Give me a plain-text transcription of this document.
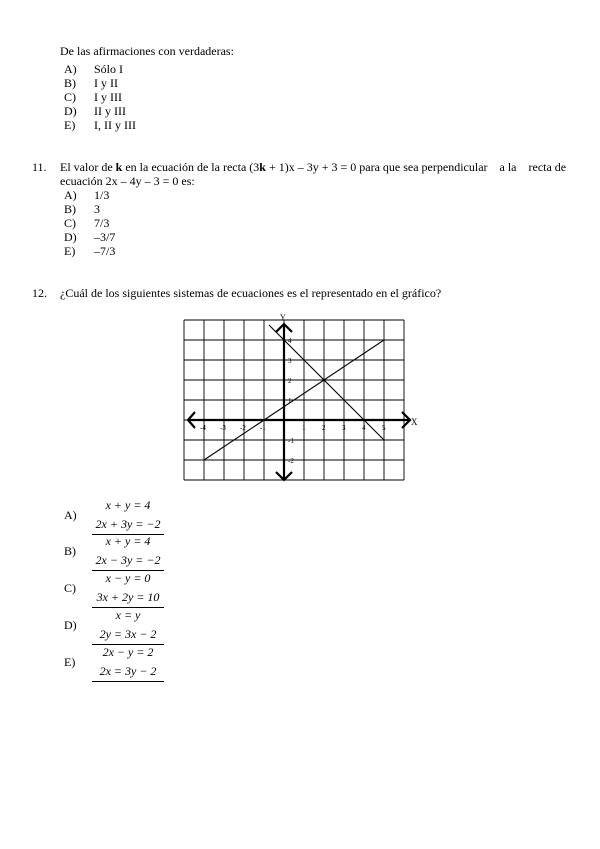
De las afirmaciones con verdaderas:
A) Sólo I
B) I y II
C) I y III
D) II y III
E) I, II y III
11. El valor de k en la ecuación de la recta (3k + 1)x – 3y + 3 = 0 para que sea perpendicular    a la    recta de
ecuación 2x – 4y – 3 = 0 es:
A) 1/3
B) 3
C) 7/3
D) –3/7
E) –7/3
12. ¿Cuál de los siguientes sistemas de ecuaciones es el representado en el gráfico?
X
Y
-4 -3 -2 -1	1 2 3 4 5
4
3
2
1
-1
-2
A)
x + y = 4
2x + 3y = −2
B)
x + y = 4
2x − 3y = −2
C)
x − y = 0
3x + 2y = 10
D)
x = y
2y = 3x − 2
E)
2x − y = 2
2x = 3y − 2
